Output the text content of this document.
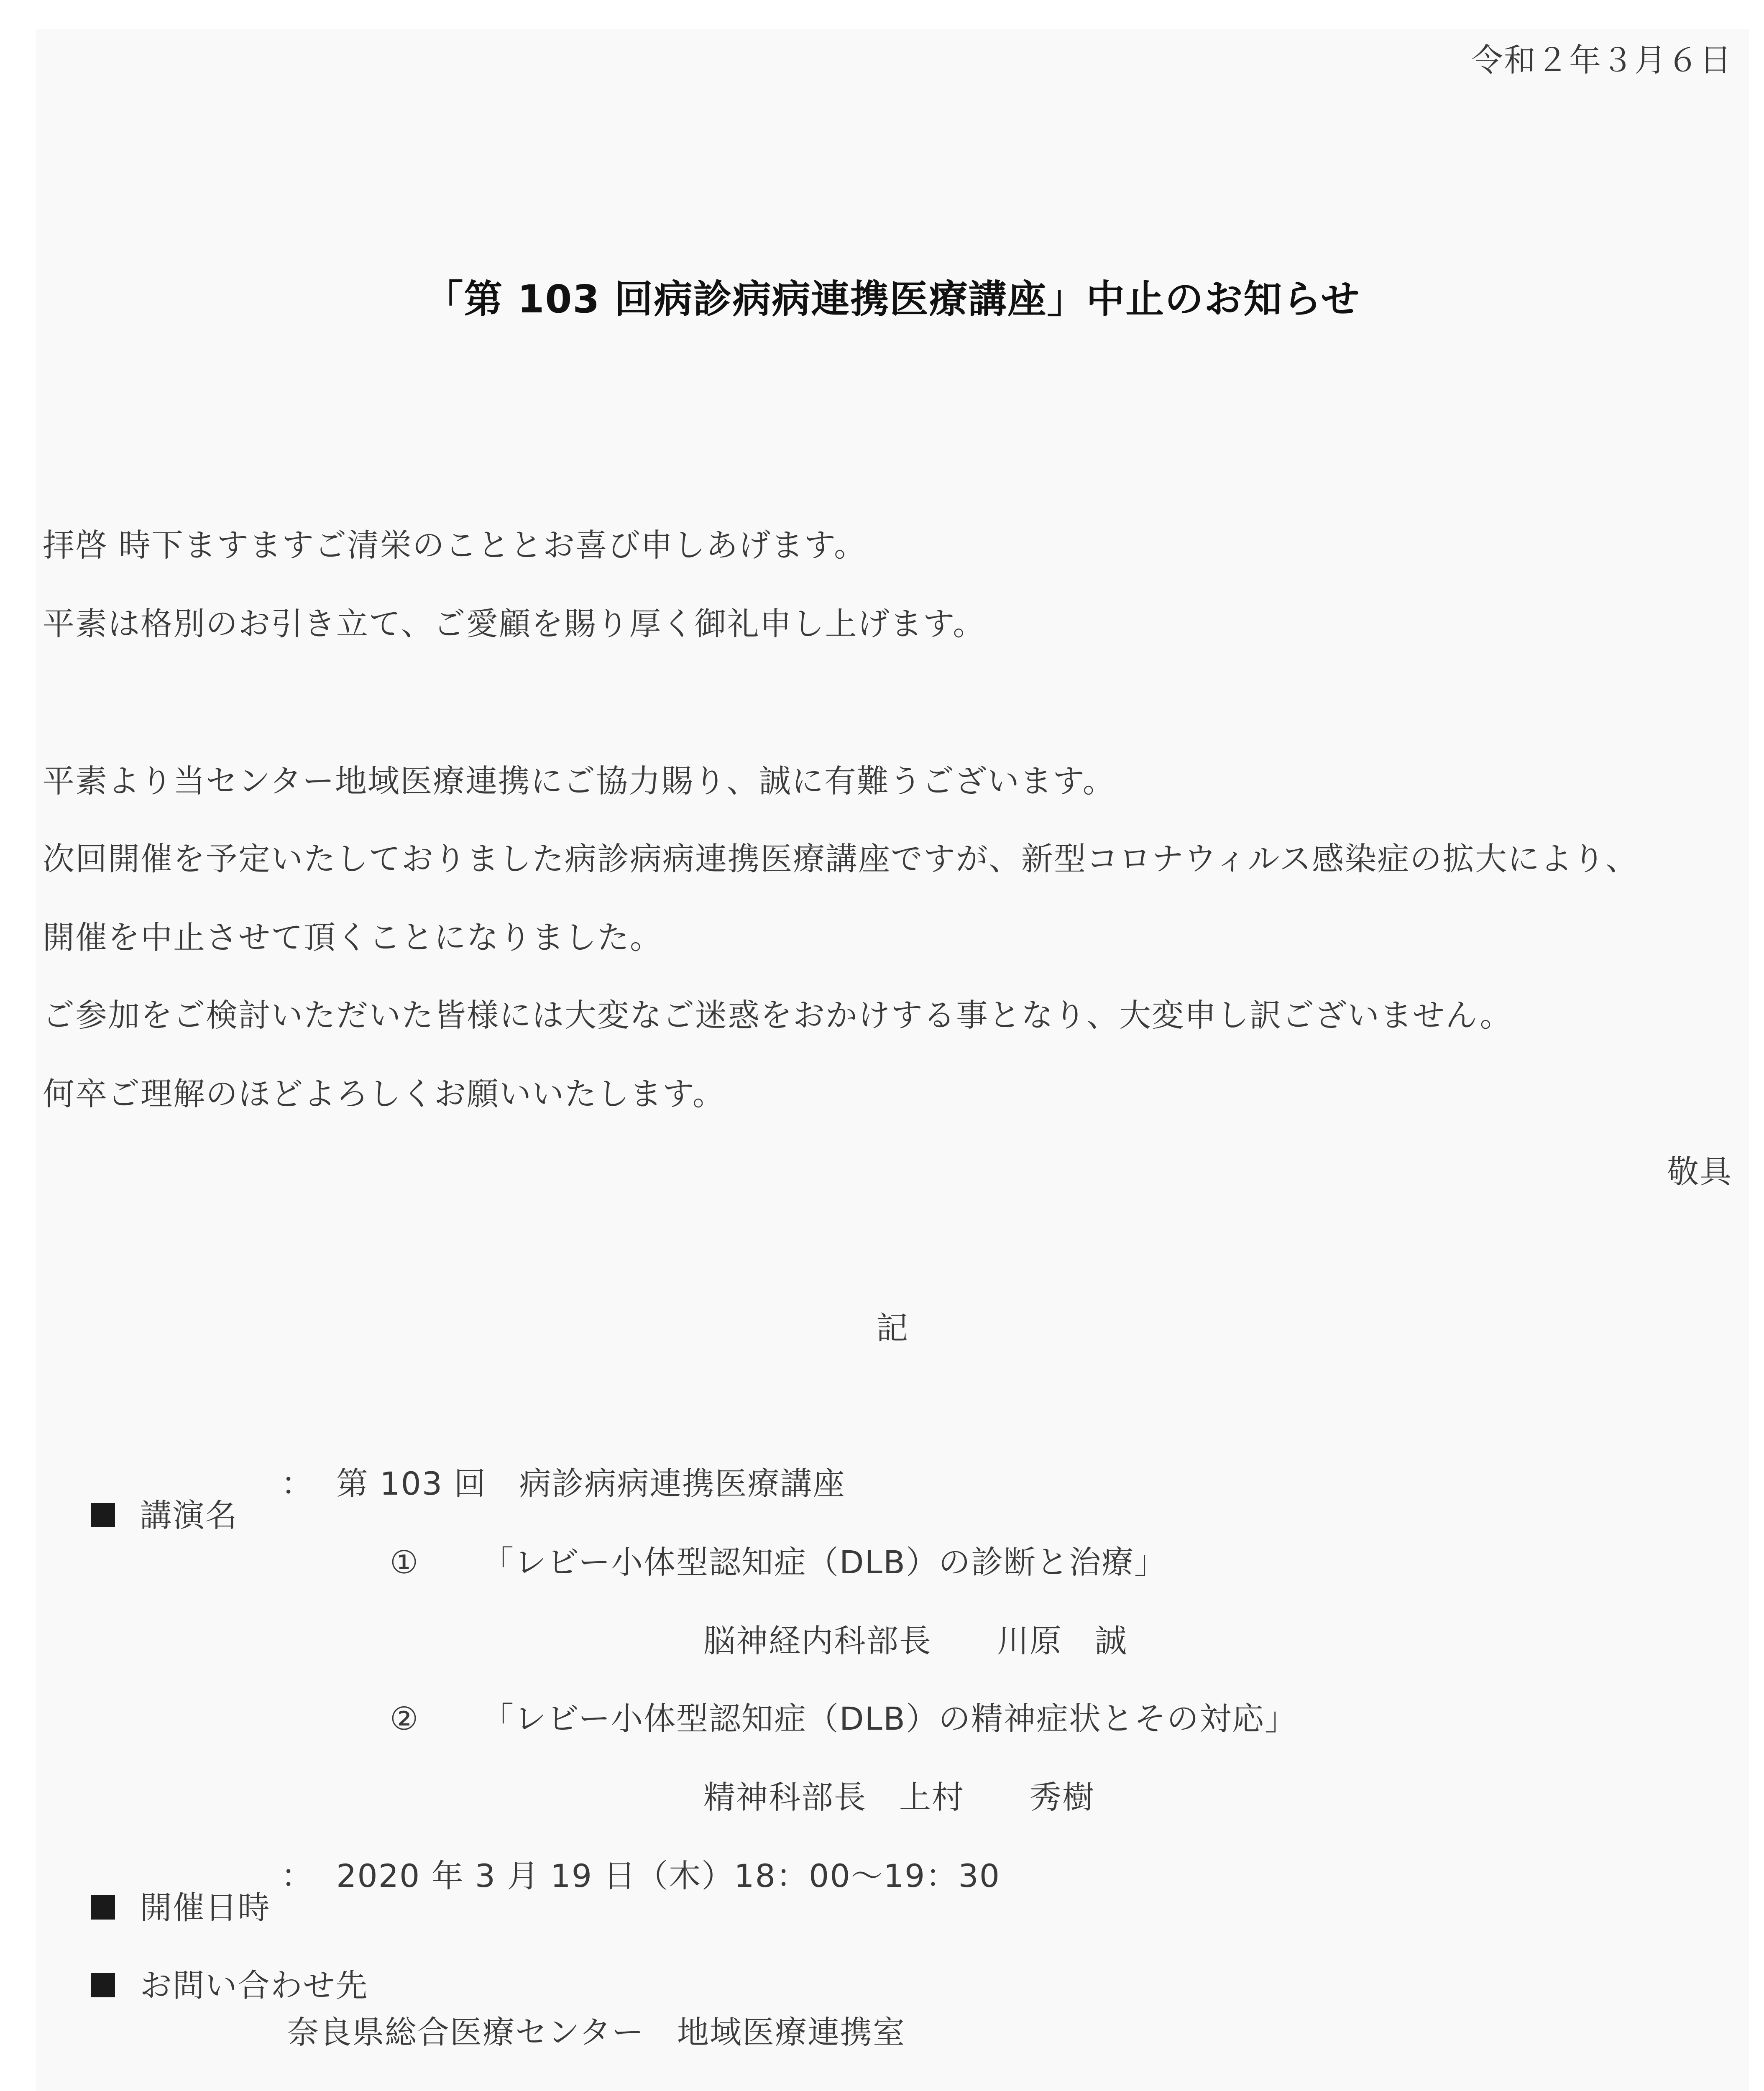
令和２年３月６日
「第 103 回病診病病連携医療講座」中止のお知らせ
拝啓 時下ますますご清栄のこととお喜び申しあげます。
平素は格別のお引き立て、ご愛顧を賜り厚く御礼申し上げます。
平素より当センター地域医療連携にご協力賜り、誠に有難うございます。
次回開催を予定いたしておりました病診病病連携医療講座ですが、新型コロナウィルス感染症の拡大により、
開催を中止させて頂くことになりました。
ご参加をご検討いただいた皆様には大変なご迷惑をおかけする事となり、大変申し訳ございません。
何卒ご理解のほどよろしくお願いいたします。
敬具
記

講演名

： 第 103 回　病診病病連携医療講座
① 「レビー小体型認知症（DLB）の診断と治療」
脳神経内科部長　　川原　誠
② 「レビー小体型認知症（DLB）の精神症状とその対応」
精神科部長　上村　　秀樹

開催日時

： 2020 年 3 月 19 日（木）18：00〜19：30

お問い合わせ先

奈良県総合医療センター　地域医療連携室
